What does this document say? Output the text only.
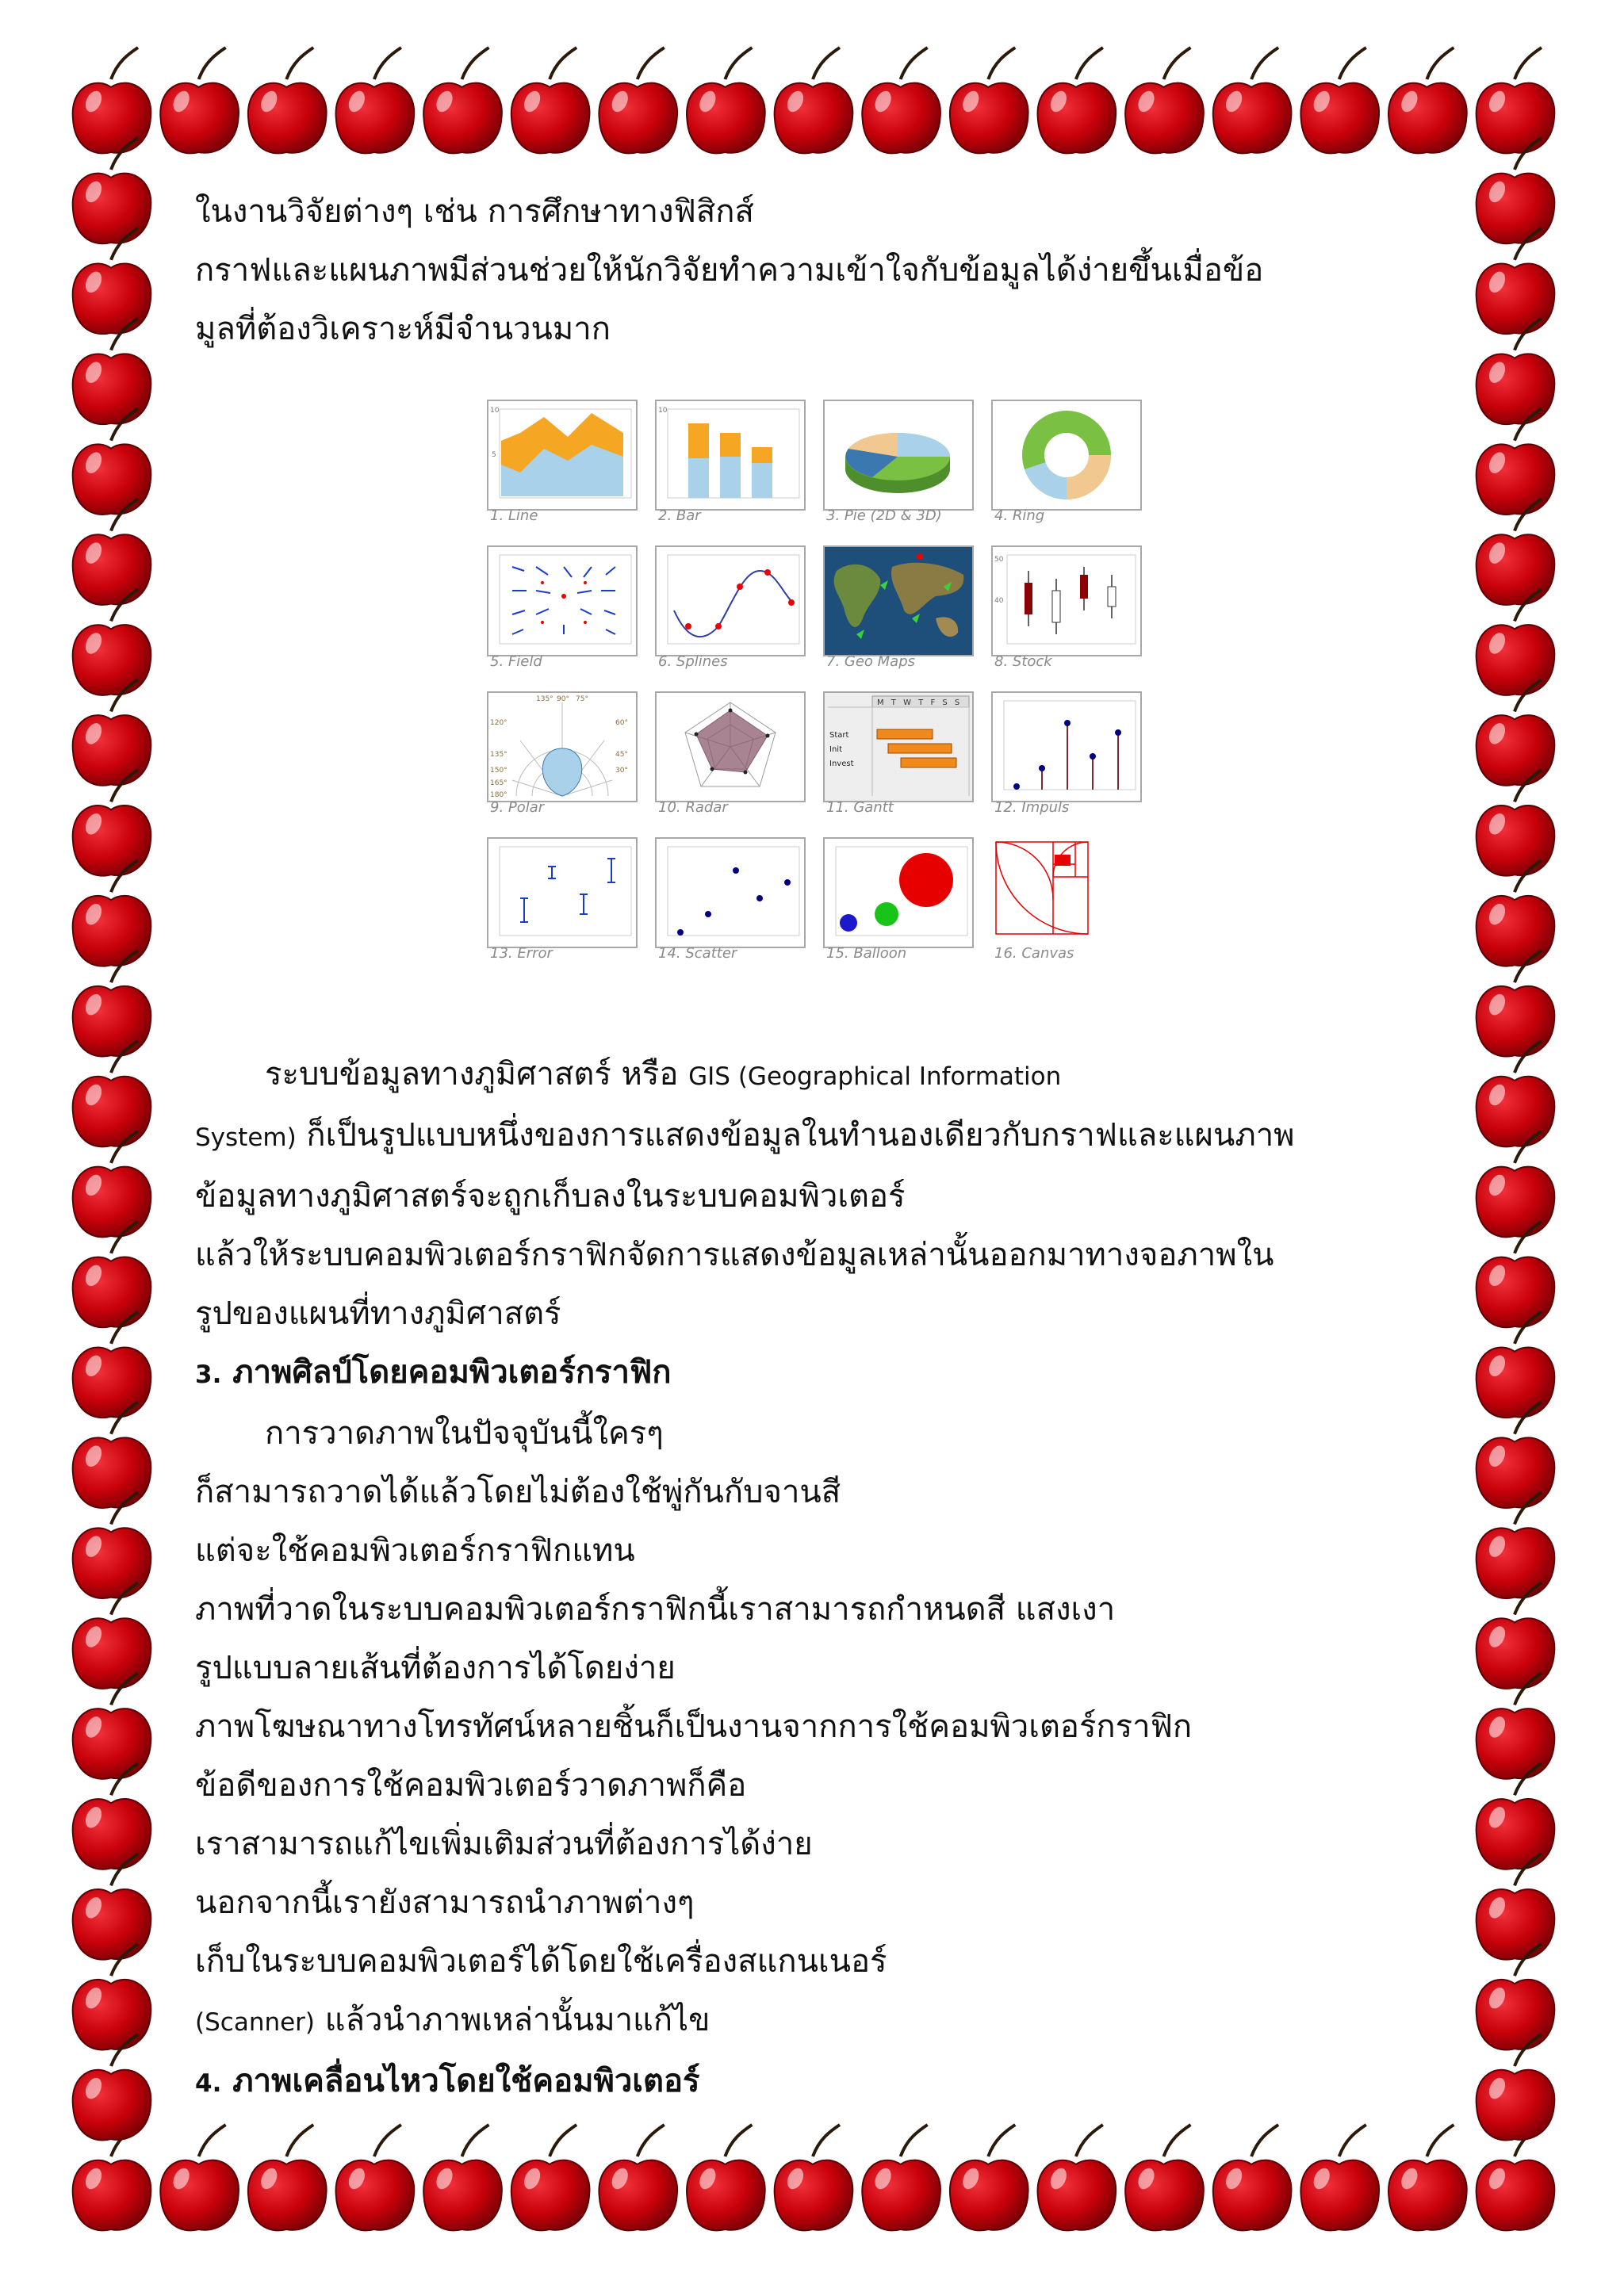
ในงานวิจัยต่างๆ เช่น การศึกษาทางฟิสิกส์

กราฟและแผนภาพมีส่วนช่วยให้นักวิจัยทำความเข้าใจกับข้อมูลได้ง่ายขึ้นเมื่อข้อ

มูลที่ต้องวิเคราะห์มีจำนวนมาก

10
5
1. Line
10
2. Bar	3. Pie (2D & 3D)	4. Ring
5. Field	6. Splines	7. Geo Maps
50
40
8. Stock
135° 90° 75°
120°	60°
135°	45°
150°	30°
165°
180°
9. Polar	10. Radar
M T W T F S S
Start
Init
Invest
11. Gantt	12. Impuls
13. Error	14. Scatter	15. Balloon	16. Canvas

ระบบข้อมูลทางภูมิศาสตร์ หรือ GIS (Geographical Information

System) ก็เป็นรูปแบบหนึ่งของการแสดงข้อมูลในทำนองเดียวกับกราฟและแผนภาพ

ข้อมูลทางภูมิศาสตร์จะถูกเก็บลงในระบบคอมพิวเตอร์

แล้วให้ระบบคอมพิวเตอร์กราฟิกจัดการแสดงข้อมูลเหล่านั้นออกมาทางจอภาพใน

รูปของแผนที่ทางภูมิศาสตร์

3. ภาพศิลป์โดยคอมพิวเตอร์กราฟิก

การวาดภาพในปัจจุบันนี้ใครๆ

ก็สามารถวาดได้แล้วโดยไม่ต้องใช้พู่กันกับจานสี

แต่จะใช้คอมพิวเตอร์กราฟิกแทน

ภาพที่วาดในระบบคอมพิวเตอร์กราฟิกนี้เราสามารถกำหนดสี แสงเงา

รูปแบบลายเส้นที่ต้องการได้โดยง่าย

ภาพโฆษณาทางโทรทัศน์หลายชิ้นก็เป็นงานจากการใช้คอมพิวเตอร์กราฟิก

ข้อดีของการใช้คอมพิวเตอร์วาดภาพก็คือ

เราสามารถแก้ไขเพิ่มเติมส่วนที่ต้องการได้ง่าย

นอกจากนี้เรายังสามารถนำภาพต่างๆ

เก็บในระบบคอมพิวเตอร์ได้โดยใช้เครื่องสแกนเนอร์

(Scanner) แล้วนำภาพเหล่านั้นมาแก้ไข

4. ภาพเคลื่อนไหวโดยใช้คอมพิวเตอร์
